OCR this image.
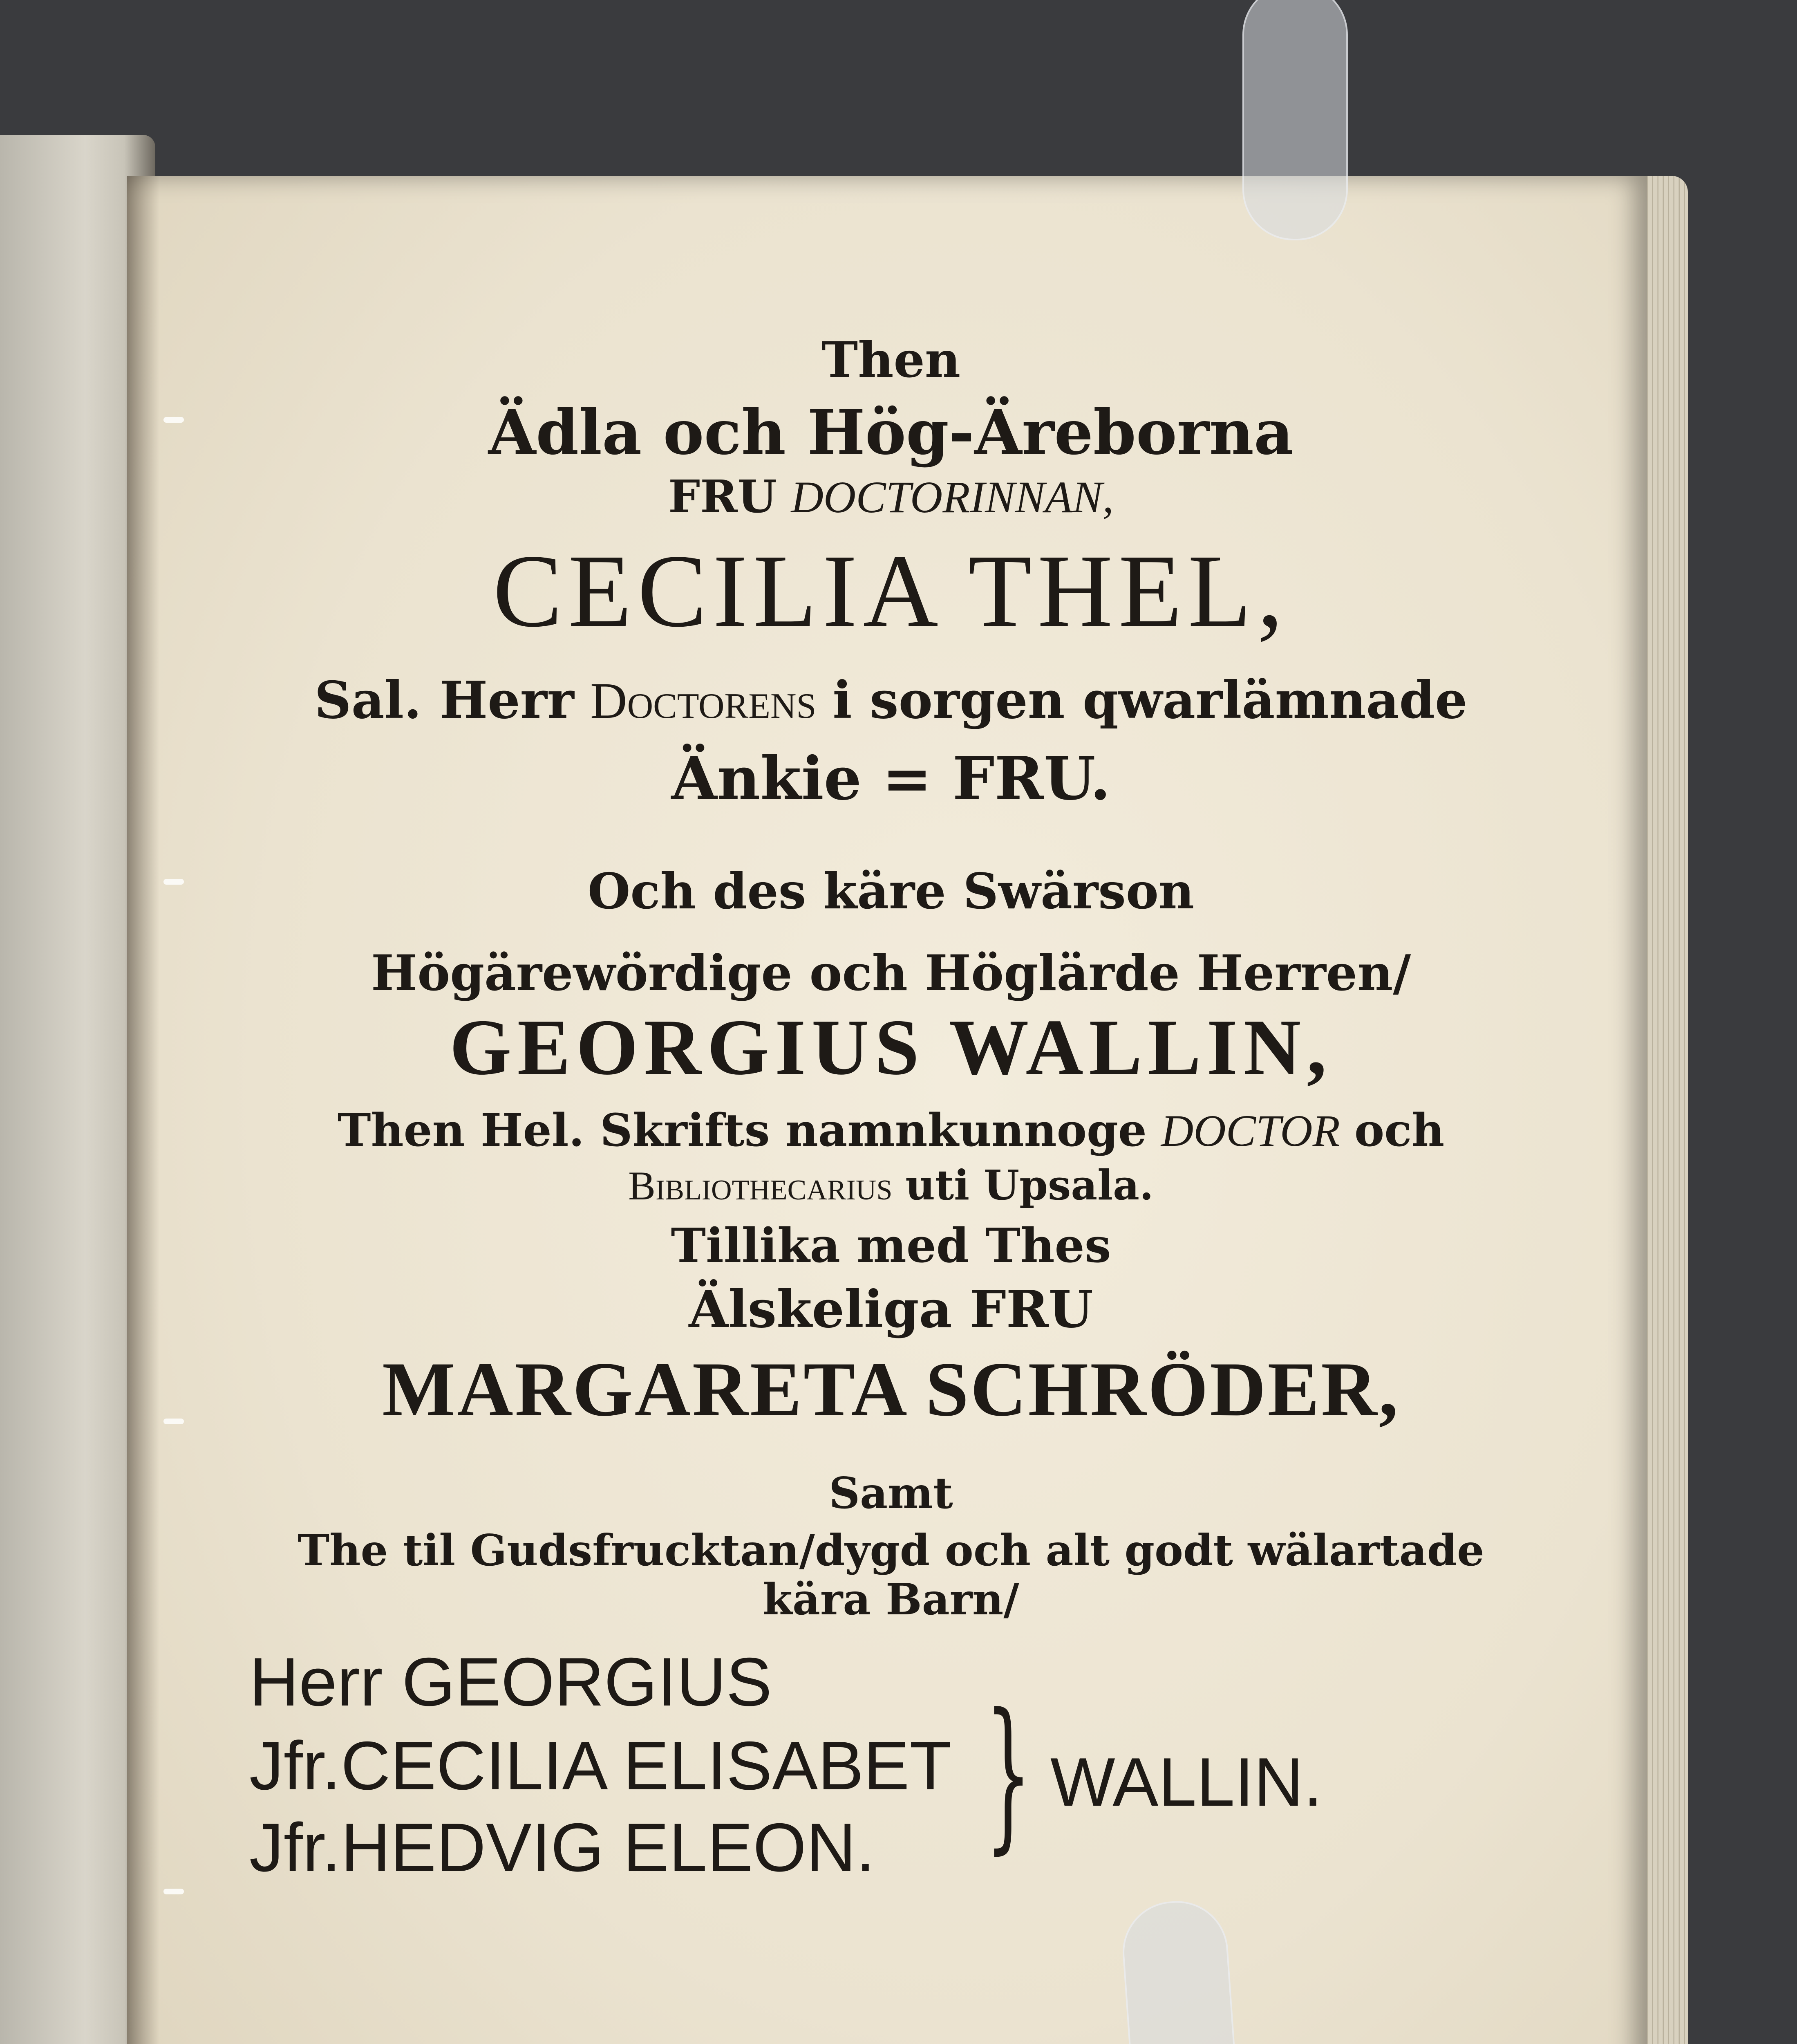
Then
Ädla och Hög-Äreborna
FRU DOCTORINNAN,
CECILIA THEL,
Sal. Herr Doctorens i sorgen qwarlämnade
Änkie = FRU.
Och des käre Swärson
Högärewördige och Höglärde Herren/
GEORGIUS WALLIN,
Then Hel. Skrifts namnkunnoge DOCTOR och
Bibliothecarius uti Upsala.
Tillika med Thes
Älskeliga FRU
MARGARETA SCHRÖDER,
Samt
The til Gudsfrucktan/dygd och alt godt wälartade
kära Barn/
Herr GEORGIUS
Jfr.CECILIA ELISABET
Jfr.HEDVIG ELEON. } WALLIN.
